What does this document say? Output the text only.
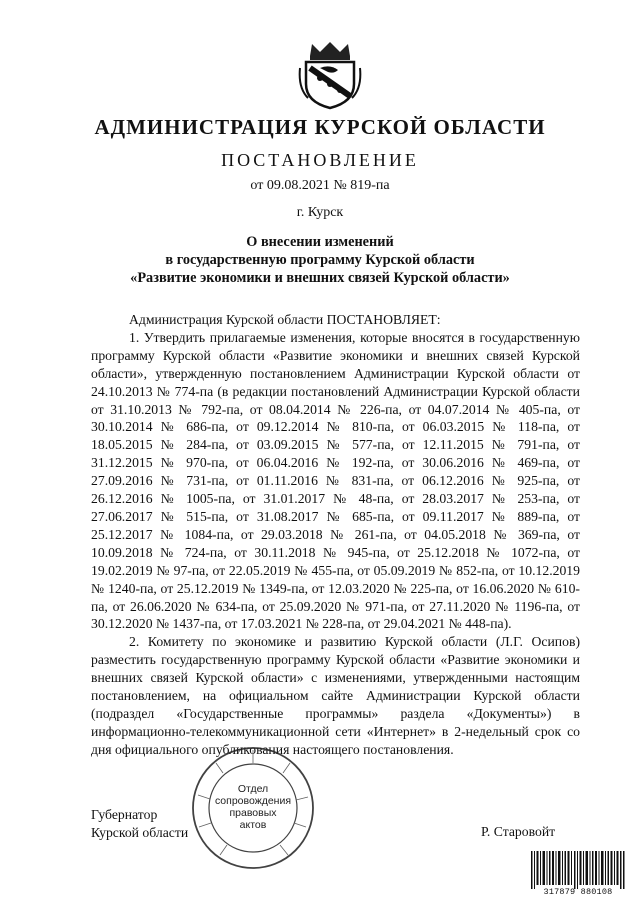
АДМИНИСТРАЦИЯ КУРСКОЙ ОБЛАСТИ
ПОСТАНОВЛЕНИЕ
от 09.08.2021 № 819-па
г. Курск
О внесении изменений
в государственную программу Курской области
«Развитие экономики и внешних связей Курской области»

Администрация Курской области ПОСТАНОВЛЯЕТ:

1. Утвердить прилагаемые изменения, которые вносятся в государственную программу Курской области «Развитие экономики и внешних связей Курской области», утвержденную постановлением Администрации Курской области от 24.10.2013 № 774-па (в редакции постановлений Администрации Курской области от 31.10.2013 № 792-па, от 08.04.2014 № 226-па, от 04.07.2014 № 405-па, от 30.10.2014 № 686-па, от 09.12.2014 № 810-па, от 06.03.2015 № 118-па, от 18.05.2015 № 284-па, от 03.09.2015 № 577-па, от 12.11.2015 № 791-па, от 31.12.2015 № 970-па, от 06.04.2016 № 192-па, от 30.06.2016 № 469-па, от 27.09.2016 № 731-па, от 01.11.2016 № 831-па, от 06.12.2016 № 925-па, от 26.12.2016 № 1005-па, от 31.01.2017 № 48-па, от 28.03.2017 № 253-па, от 27.06.2017 № 515-па, от 31.08.2017 № 685-па, от 09.11.2017 № 889-па, от 25.12.2017 № 1084-па, от 29.03.2018 № 261-па, от 04.05.2018 № 369-па, от 10.09.2018 № 724-па, от 30.11.2018 № 945-па, от 25.12.2018 № 1072-па, от 19.02.2019 № 97-па, от 22.05.2019 № 455-па, от 05.09.2019 № 852-па, от 10.12.2019 № 1240-па, от 25.12.2019 № 1349-па, от 12.03.2020 № 225-па, от 16.06.2020 № 610-па, от 26.06.2020 № 634-па, от 25.09.2020 № 971-па, от 27.11.2020 № 1196-па, от 30.12.2020 № 1437-па, от 17.03.2021 № 228-па, от 29.04.2021 № 448-па).

2. Комитету по экономике и развитию Курской области (Л.Г. Осипов) разместить государственную программу Курской области «Развитие экономики и внешних связей Курской области» с изменениями, утвержденными настоящим постановлением, на официальном сайте Администрации Курской области (подраздел «Государственные программы» раздела «Документы») в информационно-телекоммуникационной сети «Интернет» в 2-недельный срок со дня официального опубликования настоящего постановления.

Отдел
сопровождения
правовых
актов
Губернатор
Курской области	Р. Старовойт
317879 880108
